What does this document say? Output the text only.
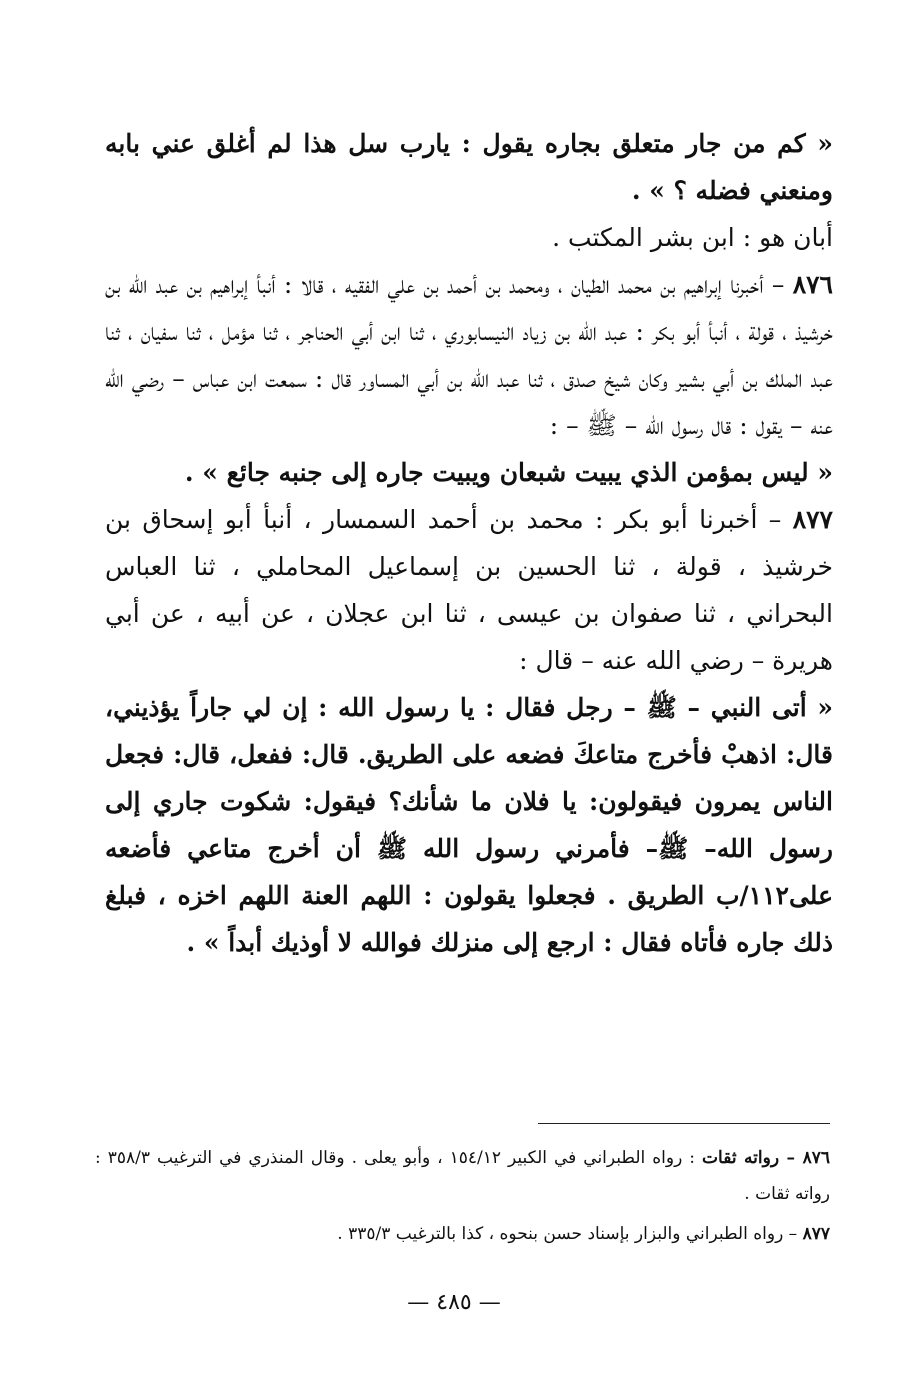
« كم من جار متعلق بجاره يقول : يارب سل هذا لم أغلق عني بابه ومنعني فضله ؟ » .

أبان هو : ابن بشر المكتب .

٨٧٦ – أخبرنا إبراهيم بن محمد الطيان ، ومحمد بن أحمد بن علي الفقيه ، قالا : أنبأ إبراهيم بن عبد الله بن خرشيذ ، قولة ، أنبأ أبو بكر : عبد الله بن زياد النيسابوري ، ثنا ابن أبي الحناجر ، ثنا مؤمل ، ثنا سفيان ، ثنا عبد الملك بن أبي بشير وكان شيخ صدق ، ثنا عبد الله بن أبي المساور قال : سمعت ابن عباس – رضي الله عنه – يقول : قال رسول الله – ﷺ – :

« ليس بمؤمن الذي يبيت شبعان ويبيت جاره إلى جنبه جائع » .

٨٧٧ – أخبرنا أبو بكر : محمد بن أحمد السمسار ، أنبأ أبو إسحاق بن خرشيذ ، قولة ، ثنا الحسين بن إسماعيل المحاملي ، ثنا العباس البحراني ، ثنا صفوان بن عيسى ، ثنا ابن عجلان ، عن أبيه ، عن أبي هريرة – رضي الله عنه – قال :

« أتى النبي – ﷺ – رجل فقال : يا رسول الله : إن لي جاراً يؤذيني، قال: اذهبْ فأخرج متاعكَ فضعه على الطريق. قال: ففعل، قال: فجعل الناس يمرون فيقولون: يا فلان ما شأنك؟ فيقول: شكوت جاري إلى رسول الله– ﷺ– فأمرني رسول الله ﷺ أن أخرج متاعي فأضعه على١١٢/ب الطريق . فجعلوا يقولون : اللهم العنة اللهم اخزه ، فبلغ ذلك جاره فأتاه فقال : ارجع إلى منزلك فوالله لا أوذيك أبداً » .

٨٧٦ – رواته ثقات : رواه الطبراني في الكبير ١٥٤/١٢ ، وأبو يعلى . وقال المنذري في الترغيب ٣٥٨/٣ : رواته ثقات .

٨٧٧ – رواه الطبراني والبزار بإسناد حسن بنحوه ، كذا بالترغيب ٣٣٥/٣ .

— ٤٨٥ —
